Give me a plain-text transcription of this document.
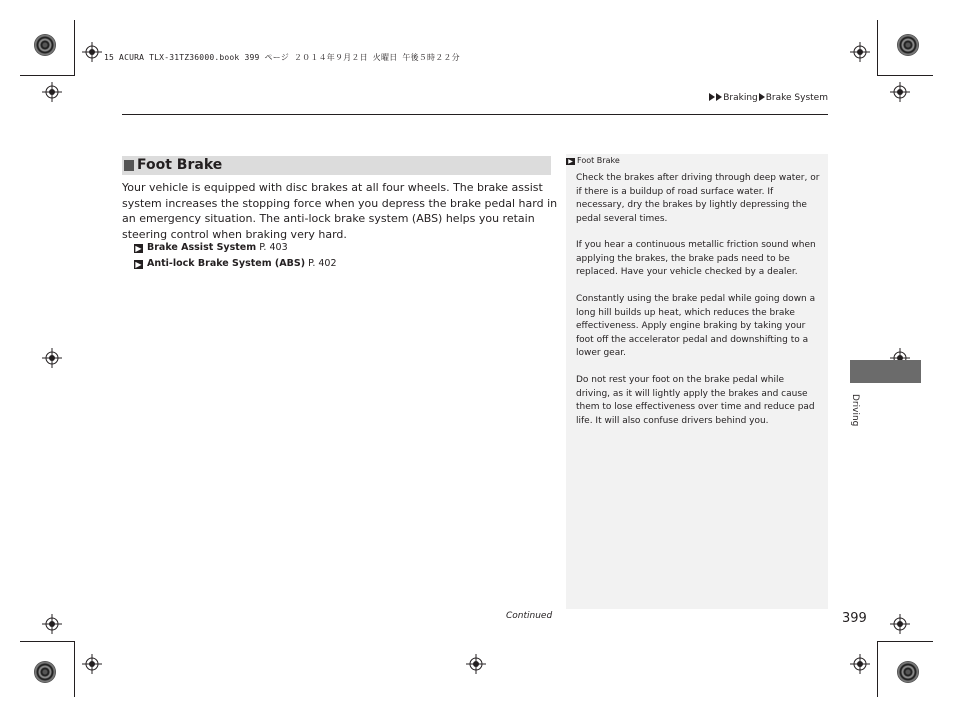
15 ACURA TLX-31TZ36000.book 399 ページ ２０１４年９月２日 火曜日 午後５時２２分
Braking Brake System
Foot Brake
Your vehicle is equipped with disc brakes at all four wheels. The brake assist system increases the stopping force when you depress the brake pedal hard in an emergency situation. The anti-lock brake system (ABS) helps you retain steering control when braking very hard.
▶ Brake Assist System P. 403
▶ Anti-lock Brake System (ABS) P. 402
▶ Foot Brake
Check the brakes after driving through deep water, or if there is a buildup of road surface water. If necessary, dry the brakes by lightly depressing the pedal several times.
If you hear a continuous metallic friction sound when applying the brakes, the brake pads need to be replaced. Have your vehicle checked by a dealer.
Constantly using the brake pedal while going down a long hill builds up heat, which reduces the brake effectiveness. Apply engine braking by taking your foot off the accelerator pedal and downshifting to a lower gear.
Do not rest your foot on the brake pedal while driving, as it will lightly apply the brakes and cause them to lose effectiveness over time and reduce pad life. It will also confuse drivers behind you.	Driving
Continued	399
